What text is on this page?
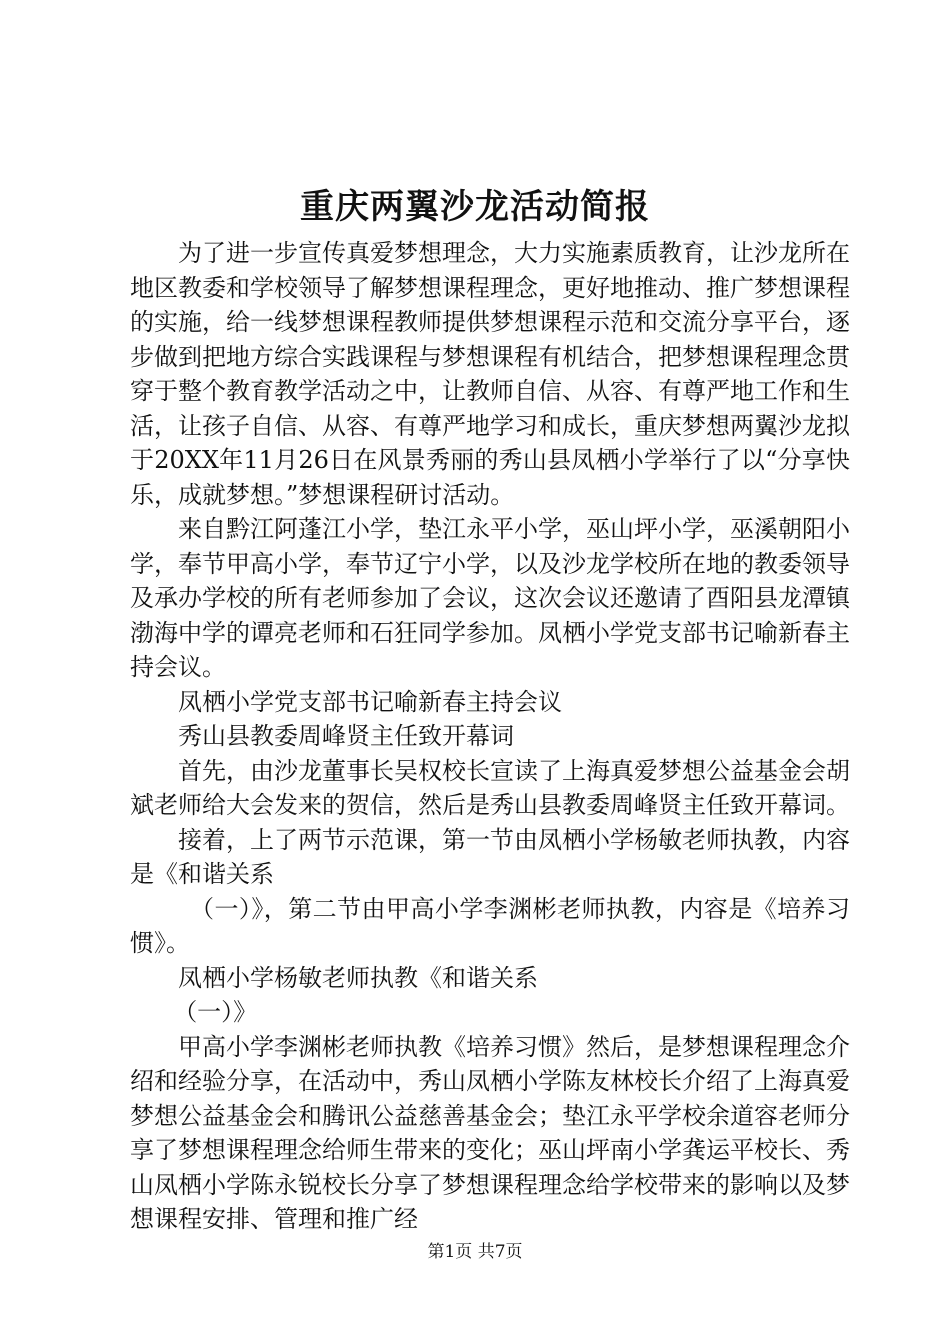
重庆两翼沙龙活动简报

为了进一步宣传真爱梦想理念，大力实施素质教育，让沙龙所在地区教委和学校领导了解梦想课程理念，更好地推动、推广梦想课程的实施，给一线梦想课程教师提供梦想课程示范和交流分享平台，逐步做到把地方综合实践课程与梦想课程有机结合，把梦想课程理念贯穿于整个教育教学活动之中，让教师自信、从容、有尊严地工作和生活，让孩子自信、从容、有尊严地学习和成长，重庆梦想两翼沙龙拟于20XX年11月26日在风景秀丽的秀山县凤栖小学举行了以“分享快乐，成就梦想。”梦想课程研讨活动。

来自黔江阿蓬江小学，垫江永平小学，巫山坪小学，巫溪朝阳小学，奉节甲高小学，奉节辽宁小学，以及沙龙学校所在地的教委领导及承办学校的所有老师参加了会议，这次会议还邀请了酉阳县龙潭镇渤海中学的谭亮老师和石狂同学参加。凤栖小学党支部书记喻新春主持会议。

凤栖小学党支部书记喻新春主持会议

秀山县教委周峰贤主任致开幕词

首先，由沙龙董事长吴权校长宣读了上海真爱梦想公益基金会胡斌老师给大会发来的贺信，然后是秀山县教委周峰贤主任致开幕词。

接着，上了两节示范课，第一节由凤栖小学杨敏老师执教，内容是《和谐关系

（一）》，第二节由甲高小学李渊彬老师执教，内容是《培养习惯》。

凤栖小学杨敏老师执教《和谐关系

（一）》

甲高小学李渊彬老师执教《培养习惯》然后，是梦想课程理念介绍和经验分享，在活动中，秀山凤栖小学陈友林校长介绍了上海真爱梦想公益基金会和腾讯公益慈善基金会；垫江永平学校余道容老师分享了梦想课程理念给师生带来的变化；巫山坪南小学龚运平校长、秀山凤栖小学陈永锐校长分享了梦想课程理念给学校带来的影响以及梦想课程安排、管理和推广经

第1页 共7页
